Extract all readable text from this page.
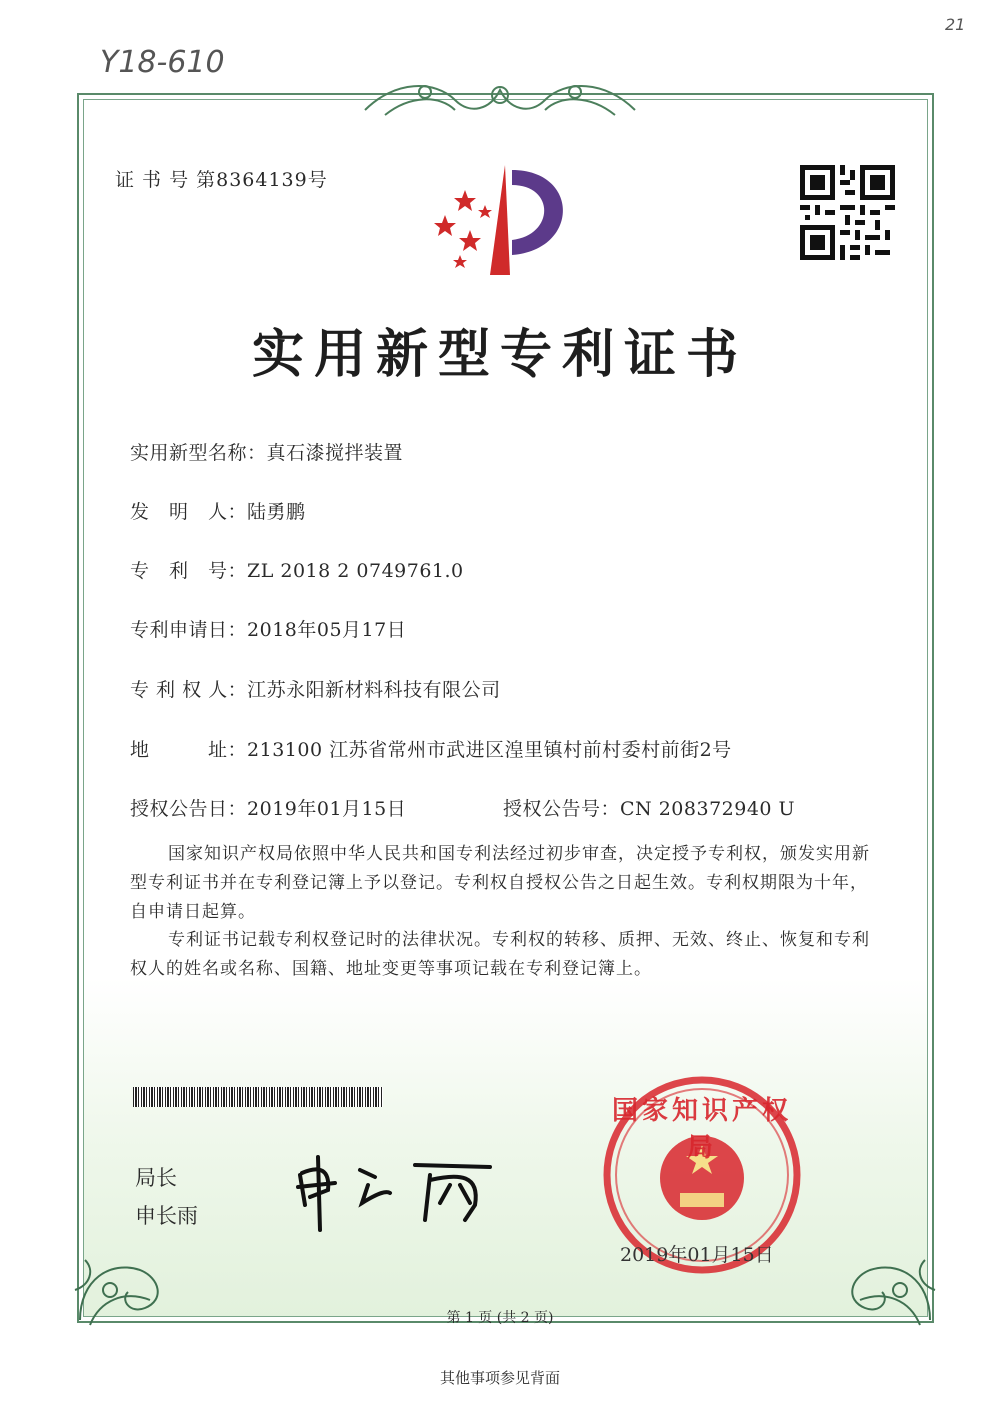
Y18-610
21
证 书 号 第8364139号
实用新型专利证书
实用新型名称：真石漆搅拌装置
发　明　人：陆勇鹏
专　利　号：ZL 2018 2 0749761.0
专利申请日：2018年05月17日
专 利 权 人：江苏永阳新材料科技有限公司
地　　　址：213100 江苏省常州市武进区湟里镇村前村委村前街2号
授权公告日：2019年01月15日	授权公告号：CN 208372940 U
国家知识产权局依照中华人民共和国专利法经过初步审查，决定授予专利权，颁发实用新型专利证书并在专利登记簿上予以登记。专利权自授权公告之日起生效。专利权期限为十年，自申请日起算。
专利证书记载专利权登记时的法律状况。专利权的转移、质押、无效、终止、恢复和专利权人的姓名或名称、国籍、地址变更等事项记载在专利登记簿上。
局长
申长雨
国家知识产权局
2019年01月15日
第 1 页 (共 2 页)
其他事项参见背面
